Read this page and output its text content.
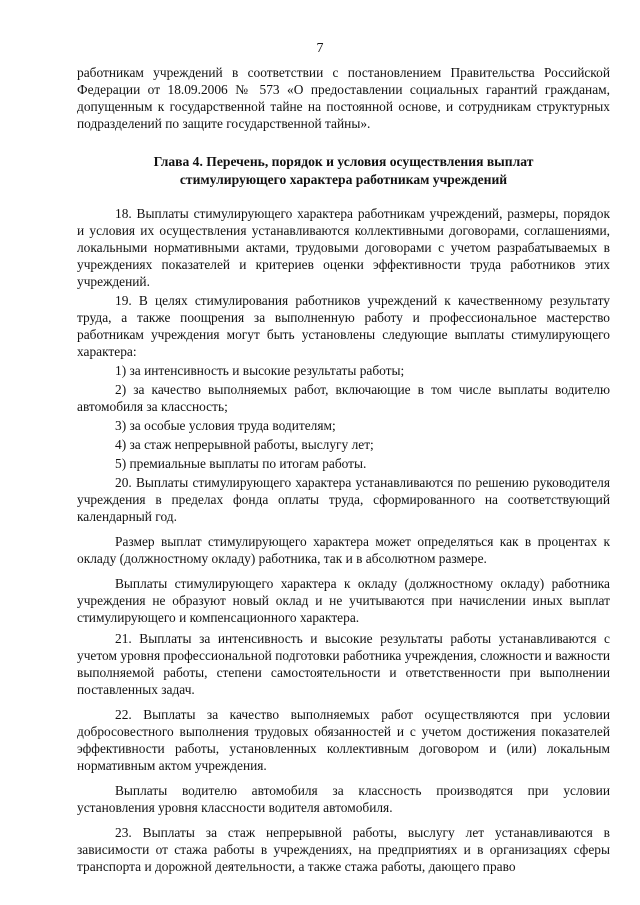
7

работникам учреждений в соответствии с постановлением Правительства Российской Федерации от 18.09.2006 № 573 «О предоставлении социальных гарантий гражданам, допущенным к государственной тайне на постоянной основе, и сотрудникам структурных подразделений по защите государственной тайны».

Глава 4. Перечень, порядок и условия осуществления выплат
стимулирующего характера работникам учреждений

18. Выплаты стимулирующего характера работникам учреждений, размеры, порядок и условия их осуществления устанавливаются коллективными договорами, соглашениями, локальными нормативными актами, трудовыми договорами с учетом разрабатываемых в учреждениях показателей и критериев оценки эффективности труда работников этих учреждений.

19. В целях стимулирования работников учреждений к качественному результату труда, а также поощрения за выполненную работу и профессиональное мастерство работникам учреждения могут быть установлены следующие выплаты стимулирующего характера:

1) за интенсивность и высокие результаты работы;

2) за качество выполняемых работ, включающие в том числе выплаты водителю автомобиля за классность;

3) за особые условия труда водителям;

4) за стаж непрерывной работы, выслугу лет;

5) премиальные выплаты по итогам работы.

20. Выплаты стимулирующего характера устанавливаются по решению руководителя учреждения в пределах фонда оплаты труда, сформированного на соответствующий календарный год.

Размер выплат стимулирующего характера может определяться как в процентах к окладу (должностному окладу) работника, так и в абсолютном размере.

Выплаты стимулирующего характера к окладу (должностному окладу) работника учреждения не образуют новый оклад и не учитываются при начислении иных выплат стимулирующего и компенсационного характера.

21. Выплаты за интенсивность и высокие результаты работы устанавливаются с учетом уровня профессиональной подготовки работника учреждения, сложности и важности выполняемой работы, степени самостоятельности и ответственности при выполнении поставленных задач.

22. Выплаты за качество выполняемых работ осуществляются при условии добросовестного выполнения трудовых обязанностей и с учетом достижения показателей эффективности работы, установленных коллективным договором и (или) локальным нормативным актом учреждения.

Выплаты водителю автомобиля за классность производятся при условии установления уровня классности водителя автомобиля.

23. Выплаты за стаж непрерывной работы, выслугу лет устанавливаются в зависимости от стажа работы в учреждениях, на предприятиях и в организациях сферы транспорта и дорожной деятельности, а также стажа работы, дающего право
